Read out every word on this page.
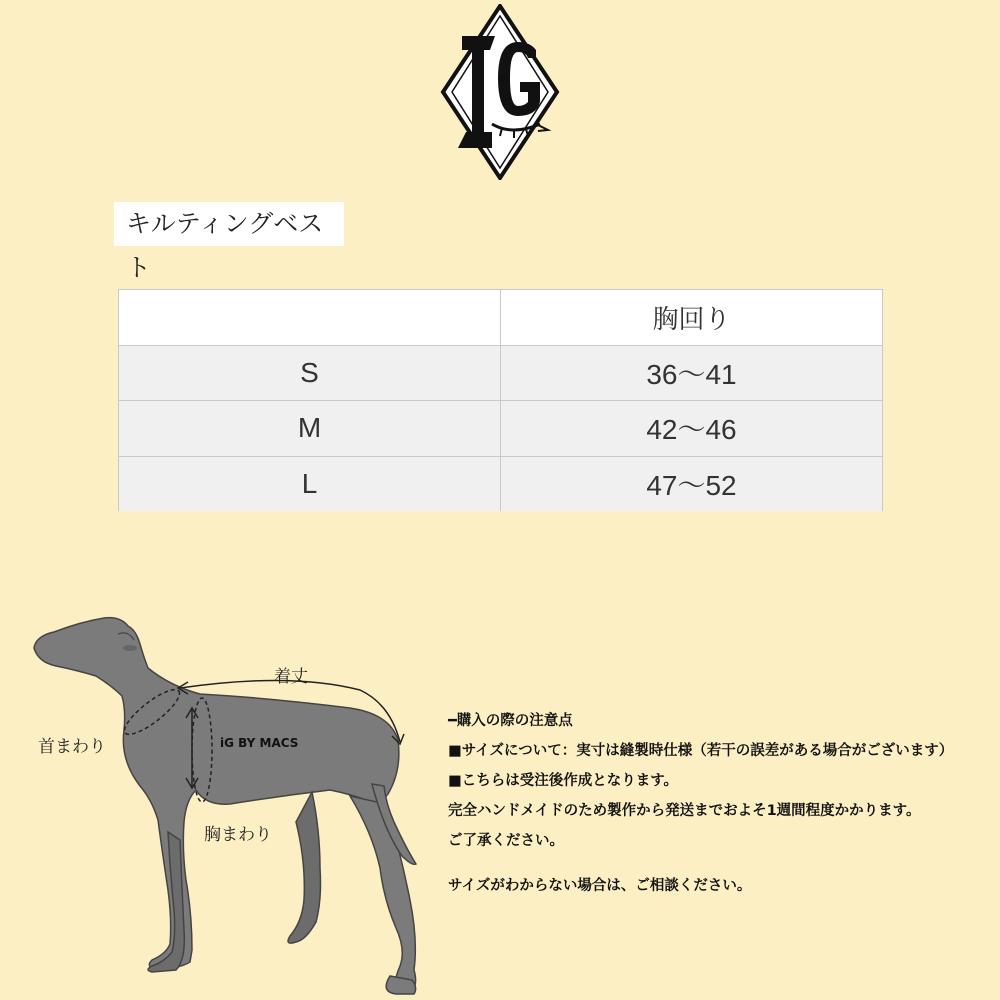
キルティングベスト
	胸回り
S	36〜41
M	42〜46
L	47〜52
着丈
首まわり
胸まわり
iG BY MACS
━購入の際の注意点
■サイズについて：実寸は縫製時仕様（若干の誤差がある場合がございます）
■こちらは受注後作成となります。
完全ハンドメイドのため製作から発送までおよそ1週間程度かかります。
ご了承ください。
サイズがわからない場合は、ご相談ください。
